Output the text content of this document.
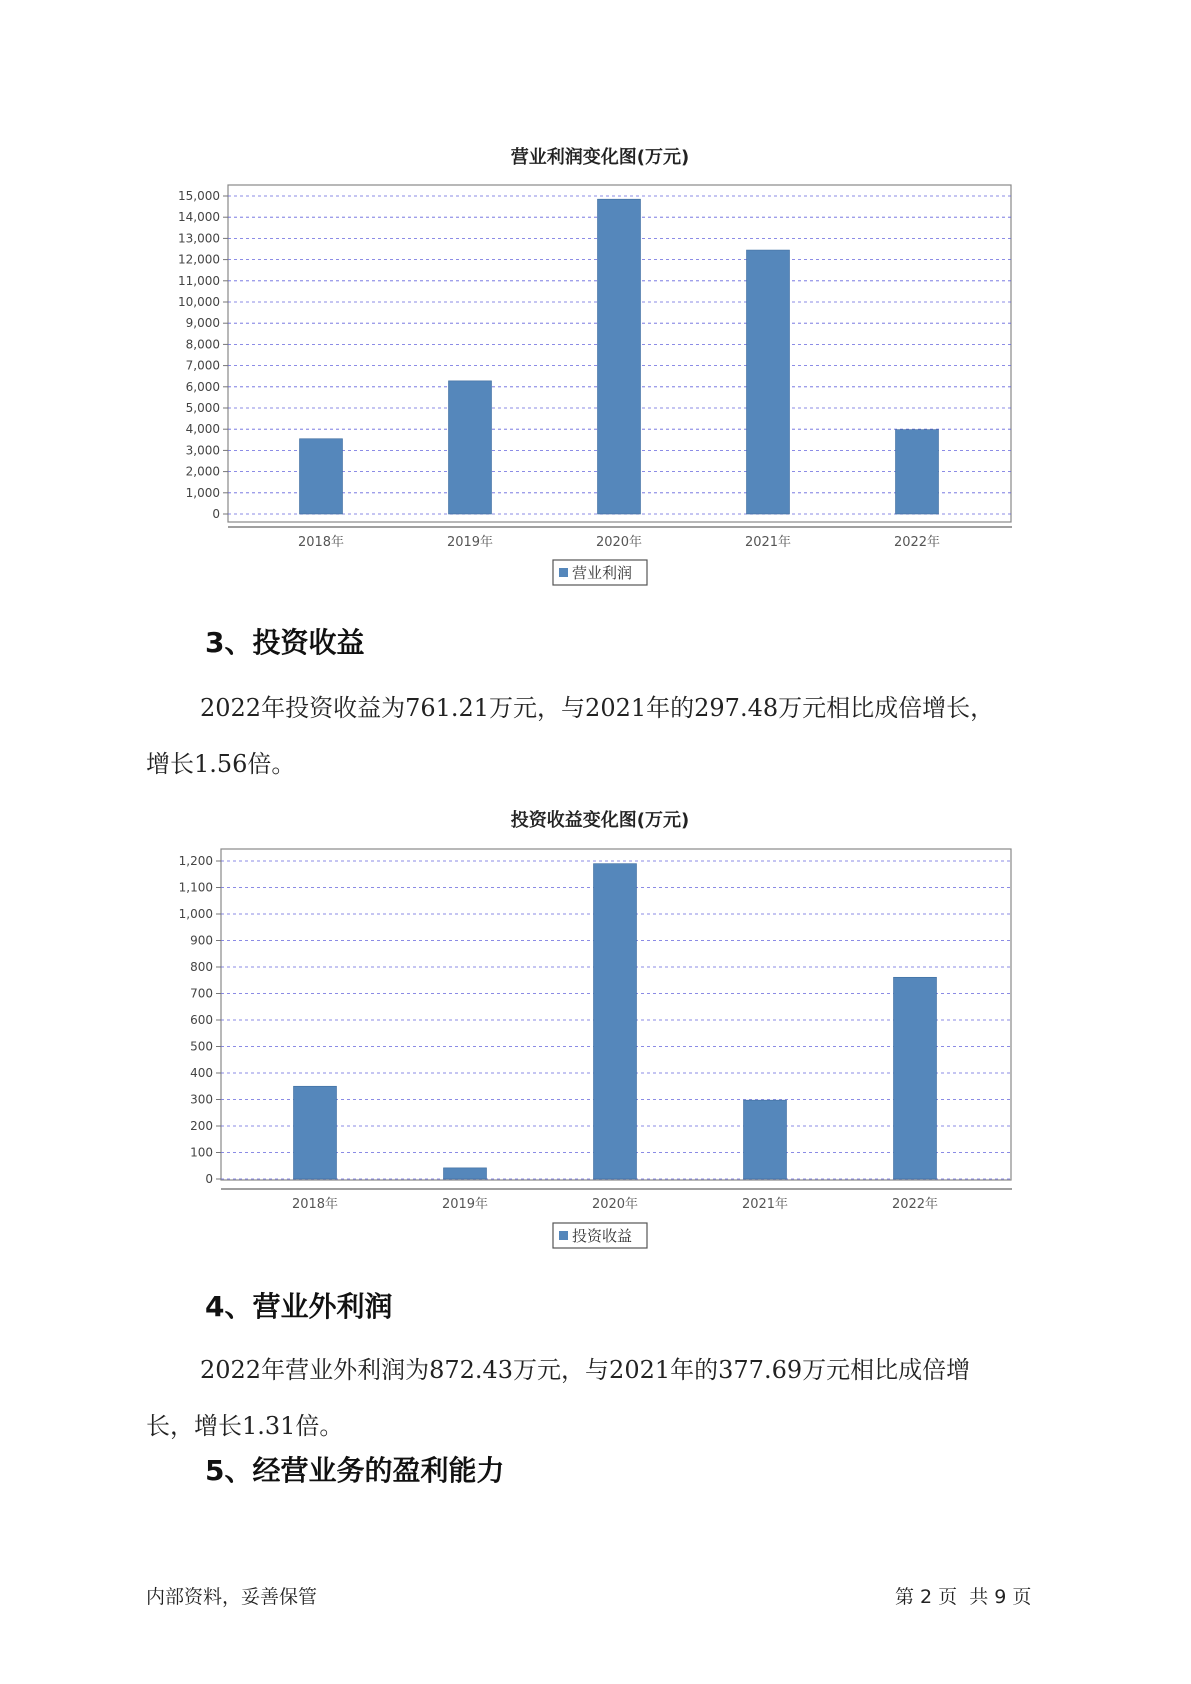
营业利润变化图(万元)
0
1,000
2,000
3,000
4,000
5,000
6,000
7,000
8,000
9,000
10,000
11,000
12,000
13,000
14,000
15,000
2018年	2019年	2020年	2021年	2022年
营业利润
3、投资收益
2022年投资收益为761.21万元，与2021年的297.48万元相比成倍增长，
增长1.56倍。
投资收益变化图(万元)
0
100
200
300
400
500
600
700
800
900
1,000
1,100
1,200
2018年	2019年	2020年	2021年	2022年
投资收益
4、营业外利润
2022年营业外利润为872.43万元，与2021年的377.69万元相比成倍增
长，增长1.31倍。
5、经营业务的盈利能力
内部资料，妥善保管	第 2 页  共 9 页
